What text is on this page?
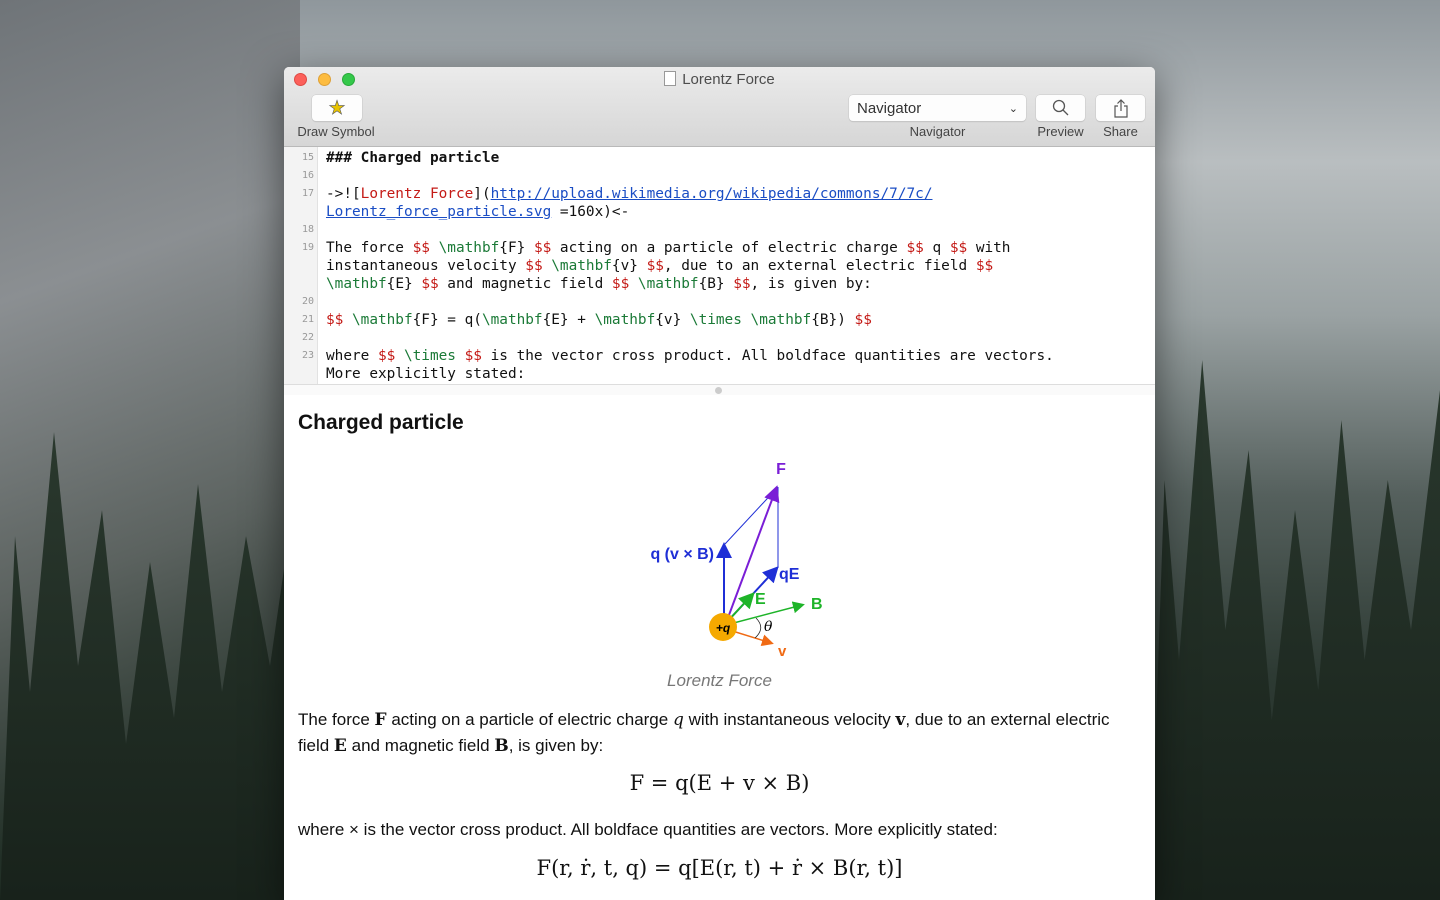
Lorentz Force
★
Draw Symbol
Navigator	⌄
Navigator	Preview	Share
15 ### Charged particle
16

17 ->![Lorentz Force](http://upload.wikimedia.org/wikipedia/commons/7/7c/
Lorentz_force_particle.svg =160x)<-
18

19 The force $$ \mathbf{F} $$ acting on a particle of electric charge $$ q $$ with
instantaneous velocity $$ \mathbf{v} $$, due to an external electric field $$
\mathbf{E} $$ and magnetic field $$ \mathbf{B} $$, is given by:
20

21 $$ \mathbf{F} = q(\mathbf{E} + \mathbf{v} \times \mathbf{B}) $$
22

23 where $$ \times $$ is the vector cross product. All boldface quantities are vectors.
More explicitly stated:
Charged particle
+q
F
q (v × B)
qE
E	B
v
θ
Lorentz Force

The force F acting on a particle of electric charge q with instantaneous velocity v, due to an external electric field E and magnetic field B, is given by:

F = q(E + v × B)

where × is the vector cross product. All boldface quantities are vectors. More explicitly stated:

F(r, ṙ, t, q) = q[E(r, t) + ṙ × B(r, t)]
